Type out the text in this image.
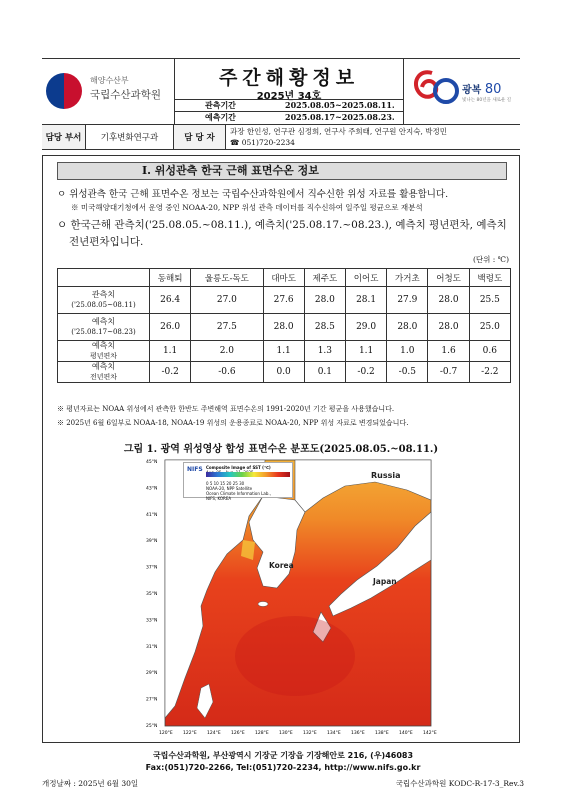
해양수산부
국립수산과학원
주간해황정보
2025년 34호
관측기간	2025.08.05~2025.08.11.
예측기간	2025.08.17~2025.08.23.
광복 80
빛나는 80년을 새로운 길
담당 부서	기후변화연구과	담 당 자
과장 한인성, 연구관 심정희, 연구사 주희태, 연구원 안지숙, 박정민
☎ 051)720-2234
I. 위성관측 한국 근해 표면수온 정보
ㅇ 위성관측 한국 근해 표면수온 정보는 국립수산과학원에서 직수신한 위성 자료를 활용합니다.
※ 미국해양대기청에서 운영 중인 NOAA-20, NPP 위성 관측 데이터를 직수신하여 일주일 평균으로 재분석
ㅇ 한국근해 관측치('25.08.05.~08.11.), 예측치('25.08.17.~08.23.), 예측치 평년편차, 예측치
전년편차입니다.
(단위 : ℃)
	동해퇴	울릉도-독도	대마도	제주도	이어도	가거초	어청도	백령도
관측치
('25.08.05~08.11)	26.4	27.0	27.6	28.0	28.1	27.9	28.0	25.5
예측치
('25.08.17~08.23)	26.0	27.5	28.0	28.5	29.0	28.0	28.0	25.0
예측치
평년편차	1.1	2.0	1.1	1.3	1.1	1.0	1.6	0.6
예측치
전년편차	-0.2	-0.6	0.0	0.1	-0.2	-0.5	-0.7	-2.2
※ 평년자료는 NOAA 위성에서 관측한 한반도 주변해역 표면수온의 1991-2020년 기간 평균을 사용했습니다.
※ 2025년 6월 6일부로 NOAA-18, NOAA-19 위성의 운용종료로 NOAA-20, NPP 위성 자료로 변경되었습니다.
그림 1. 광역 위성영상 합성 표면수온 분포도(2025.08.05.~08.11.)
Russia
Korea
Japan
45°N
43°N
41°N
39°N
37°N
35°N
33°N
31°N
29°N
27°N
25°N
120°E 122°E 124°E 126°E 128°E 130°E 132°E 134°E 136°E 138°E 140°E 142°E
NIFS Composite Image of SST (℃)
0 5 10 15 20 25 30
NOAA-20, NPP Satellite
Ocean Climate Information Lab.,
NIFS, KOREA
국립수산과학원, 부산광역시 기장군 기장읍 기장해안로 216, (우)46083
Fax:(051)720-2266, Tel:(051)720-2234, http://www.nifs.go.kr
개정날짜 : 2025년 6월 30일	국립수산과학원 KODC-R-17-3_Rev.3
